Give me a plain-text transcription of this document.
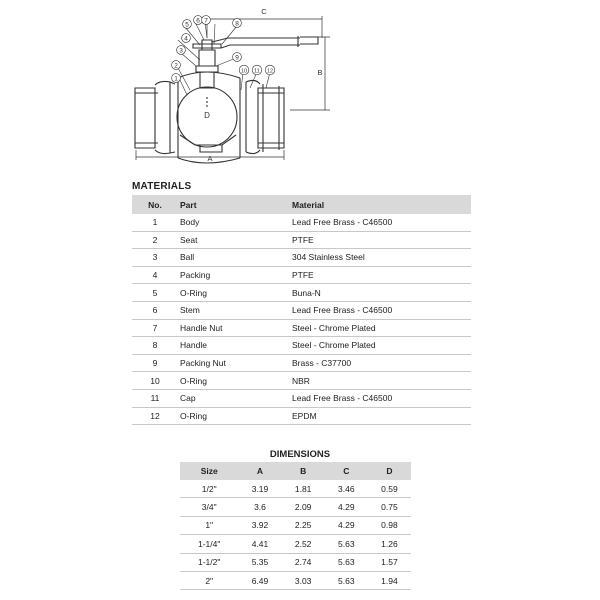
1
2
3
4
5
6 7	8
9
10 11 12
C
B
A
D
MATERIALS
No.	Part	Material
1	Body	Lead Free Brass - C46500
2	Seat	PTFE
3	Ball	304 Stainless Steel
4	Packing	PTFE
5	O-Ring	Buna-N
6	Stem	Lead Free Brass - C46500
7	Handle Nut	Steel - Chrome Plated
8	Handle	Steel - Chrome Plated
9	Packing Nut	Brass - C37700
10	O-Ring	NBR
11	Cap	Lead Free Brass - C46500
12	O-Ring	EPDM
DIMENSIONS
Size	A	B	C	D
1/2"	3.19	1.81	3.46	0.59
3/4"	3.6	2.09	4.29	0.75
1"	3.92	2.25	4.29	0.98
1-1/4"	4.41	2.52	5.63	1.26
1-1/2"	5.35	2.74	5.63	1.57
2"	6.49	3.03	5.63	1.94
